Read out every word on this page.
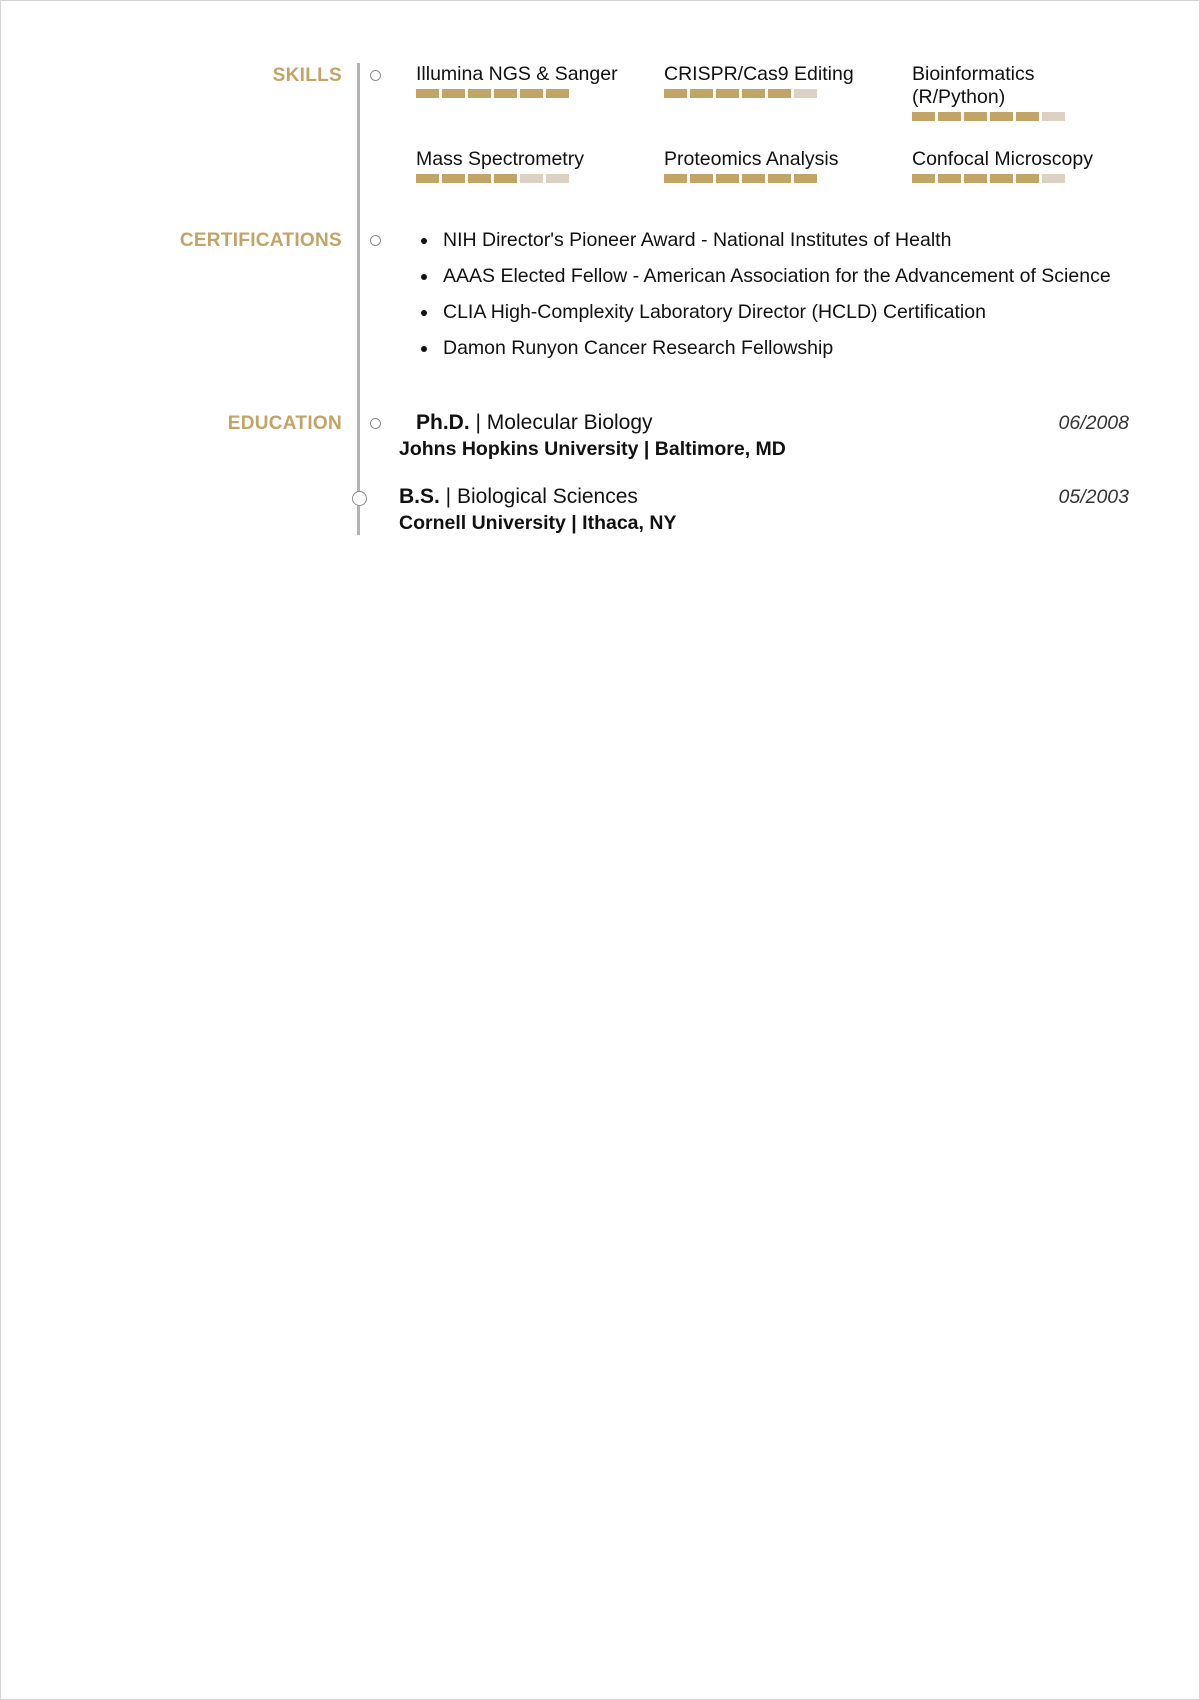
SKILLS	Illumina NGS & Sanger	CRISPR/Cas9 Editing	Bioinformatics (R/Python)
Mass Spectrometry	Proteomics Analysis	Confocal Microscopy
CERTIFICATIONS	NIH Director's Pioneer Award - National Institutes of Health
AAAS Elected Fellow - American Association for the Advancement of Science
CLIA High-Complexity Laboratory Director (HCLD) Certification
Damon Runyon Cancer Research Fellowship
EDUCATION	Ph.D. | Molecular Biology	06/2008
Johns Hopkins University | Baltimore, MD
B.S. | Biological Sciences	05/2003
Cornell University | Ithaca, NY
